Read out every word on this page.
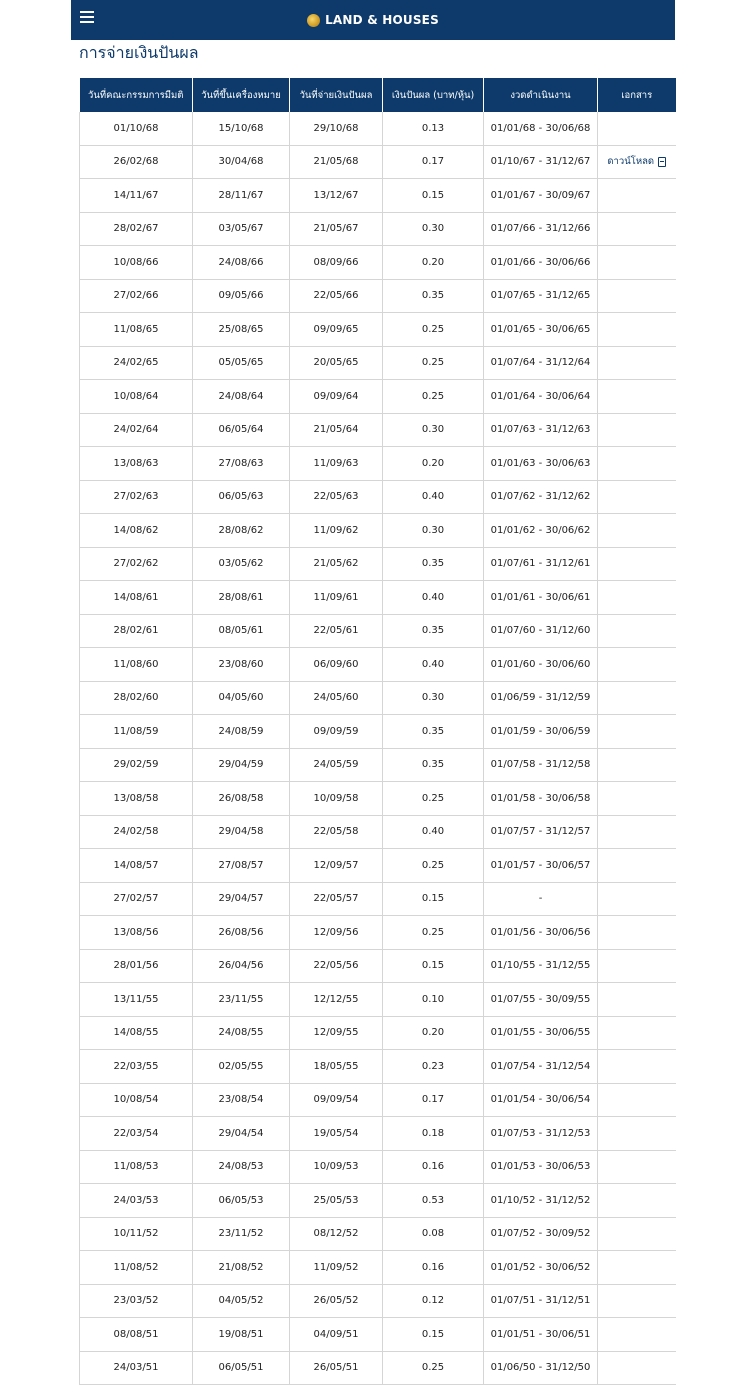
LAND & HOUSES
การจ่ายเงินปันผล
วันที่คณะกรรมการมีมติ	วันที่ขึ้นเครื่องหมาย	วันที่จ่ายเงินปันผล	เงินปันผล (บาท/หุ้น)	งวดดำเนินงาน	เอกสาร
01/10/68	15/10/68	29/10/68	0.13	01/01/68 - 30/06/68	
26/02/68	30/04/68	21/05/68	0.17	01/10/67 - 31/12/67	ดาวน์โหลด
14/11/67	28/11/67	13/12/67	0.15	01/01/67 - 30/09/67	
28/02/67	03/05/67	21/05/67	0.30	01/07/66 - 31/12/66	
10/08/66	24/08/66	08/09/66	0.20	01/01/66 - 30/06/66	
27/02/66	09/05/66	22/05/66	0.35	01/07/65 - 31/12/65	
11/08/65	25/08/65	09/09/65	0.25	01/01/65 - 30/06/65	
24/02/65	05/05/65	20/05/65	0.25	01/07/64 - 31/12/64	
10/08/64	24/08/64	09/09/64	0.25	01/01/64 - 30/06/64	
24/02/64	06/05/64	21/05/64	0.30	01/07/63 - 31/12/63	
13/08/63	27/08/63	11/09/63	0.20	01/01/63 - 30/06/63	
27/02/63	06/05/63	22/05/63	0.40	01/07/62 - 31/12/62	
14/08/62	28/08/62	11/09/62	0.30	01/01/62 - 30/06/62	
27/02/62	03/05/62	21/05/62	0.35	01/07/61 - 31/12/61	
14/08/61	28/08/61	11/09/61	0.40	01/01/61 - 30/06/61	
28/02/61	08/05/61	22/05/61	0.35	01/07/60 - 31/12/60	
11/08/60	23/08/60	06/09/60	0.40	01/01/60 - 30/06/60	
28/02/60	04/05/60	24/05/60	0.30	01/06/59 - 31/12/59	
11/08/59	24/08/59	09/09/59	0.35	01/01/59 - 30/06/59	
29/02/59	29/04/59	24/05/59	0.35	01/07/58 - 31/12/58	
13/08/58	26/08/58	10/09/58	0.25	01/01/58 - 30/06/58	
24/02/58	29/04/58	22/05/58	0.40	01/07/57 - 31/12/57	
14/08/57	27/08/57	12/09/57	0.25	01/01/57 - 30/06/57	
27/02/57	29/04/57	22/05/57	0.15	-	
13/08/56	26/08/56	12/09/56	0.25	01/01/56 - 30/06/56	
28/01/56	26/04/56	22/05/56	0.15	01/10/55 - 31/12/55	
13/11/55	23/11/55	12/12/55	0.10	01/07/55 - 30/09/55	
14/08/55	24/08/55	12/09/55	0.20	01/01/55 - 30/06/55	
22/03/55	02/05/55	18/05/55	0.23	01/07/54 - 31/12/54	
10/08/54	23/08/54	09/09/54	0.17	01/01/54 - 30/06/54	
22/03/54	29/04/54	19/05/54	0.18	01/07/53 - 31/12/53	
11/08/53	24/08/53	10/09/53	0.16	01/01/53 - 30/06/53	
24/03/53	06/05/53	25/05/53	0.53	01/10/52 - 31/12/52	
10/11/52	23/11/52	08/12/52	0.08	01/07/52 - 30/09/52	
11/08/52	21/08/52	11/09/52	0.16	01/01/52 - 30/06/52	
23/03/52	04/05/52	26/05/52	0.12	01/07/51 - 31/12/51	
08/08/51	19/08/51	04/09/51	0.15	01/01/51 - 30/06/51	
24/03/51	06/05/51	26/05/51	0.25	01/06/50 - 31/12/50	
